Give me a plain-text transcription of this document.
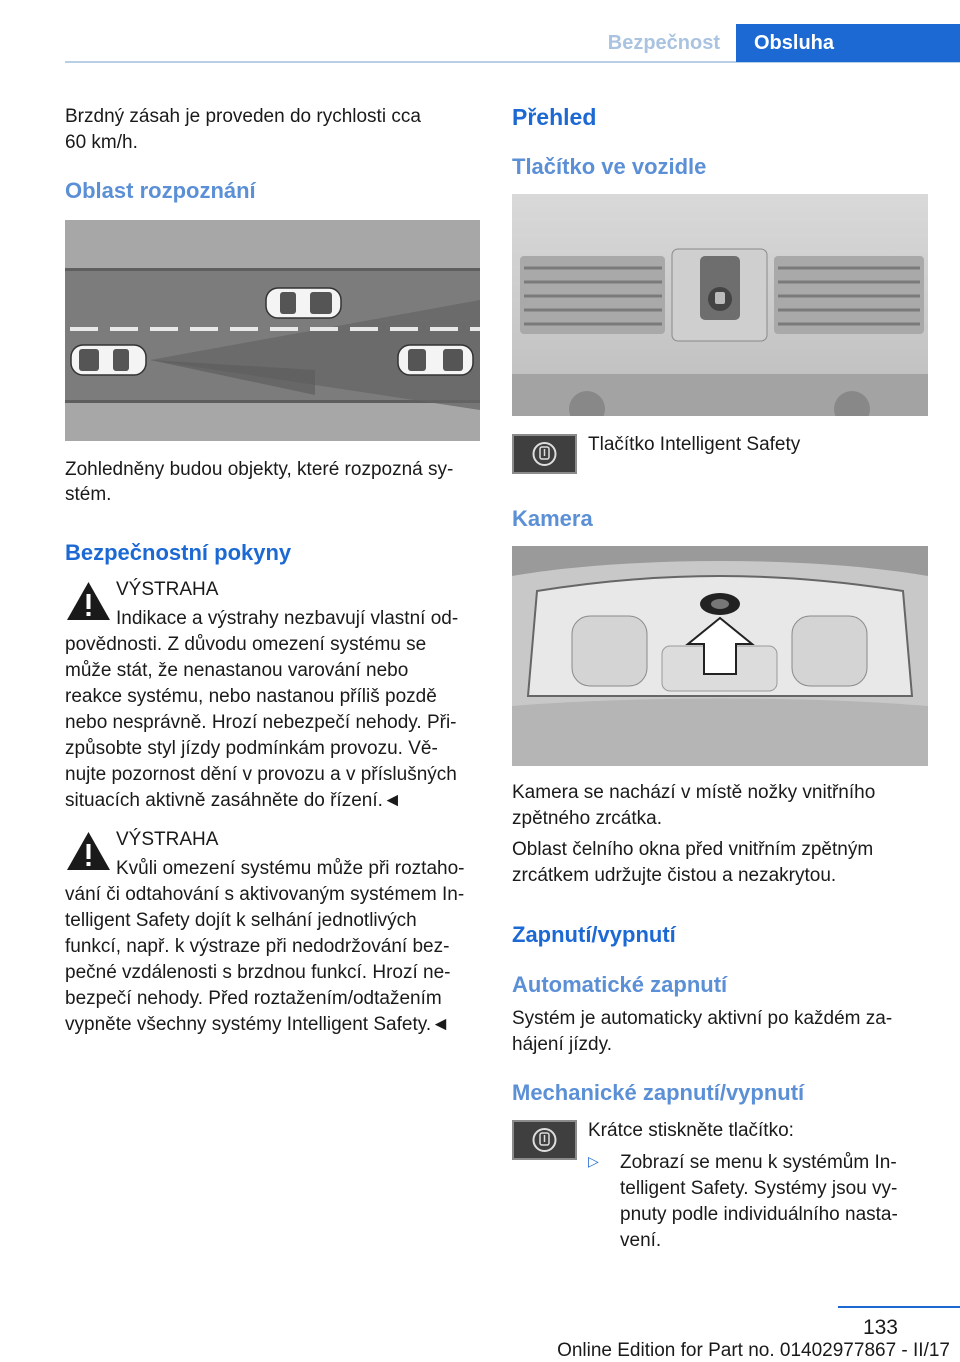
Bezpečnost	Obsluha
Brzdný zásah je proveden do rychlosti cca
60 km/h.
Oblast rozpoznání
Zohledněny budou objekty, které rozpozná sy‐
stém.
Bezpečnostní pokyny
VÝSTRAHA
Indikace a výstrahy nezbavují vlastní od‐
povědnosti. Z důvodu omezení systému se
může stát, že nenastanou varování nebo
reakce systému, nebo nastanou příliš pozdě
nebo nesprávně. Hrozí nebezpečí nehody. Při‐
způsobte styl jízdy podmínkám provozu. Vě‐
nujte pozornost dění v provozu a v příslušných
situacích aktivně zasáhněte do řízení.◄
VÝSTRAHA
Kvůli omezení systému může při roztaho‐
vání či odtahování s aktivovaným systémem In‐
telligent Safety dojít k selhání jednotlivých
funkcí, např. k výstraze při nedodržování bez‐
pečné vzdálenosti s brzdnou funkcí. Hrozí ne‐
bezpečí nehody. Před roztažením/odtažením
vypněte všechny systémy Intelligent Safety.◄
Přehled
Tlačítko ve vozidle
Tlačítko Intelligent Safety
Kamera
Kamera se nachází v místě nožky vnitřního
zpětného zrcátka.
Oblast čelního okna před vnitřním zpětným
zrcátkem udržujte čistou a nezakrytou.
Zapnutí/vypnutí
Automatické zapnutí
Systém je automaticky aktivní po každém za‐
hájení jízdy.
Mechanické zapnutí/vypnutí
Krátce stiskněte tlačítko:
▷ Zobrazí se menu k systémům In‐
telligent Safety. Systémy jsou vy‐
pnuty podle individuálního nasta‐
vení.
133
Online Edition for Part no. 01402977867 - II/17
